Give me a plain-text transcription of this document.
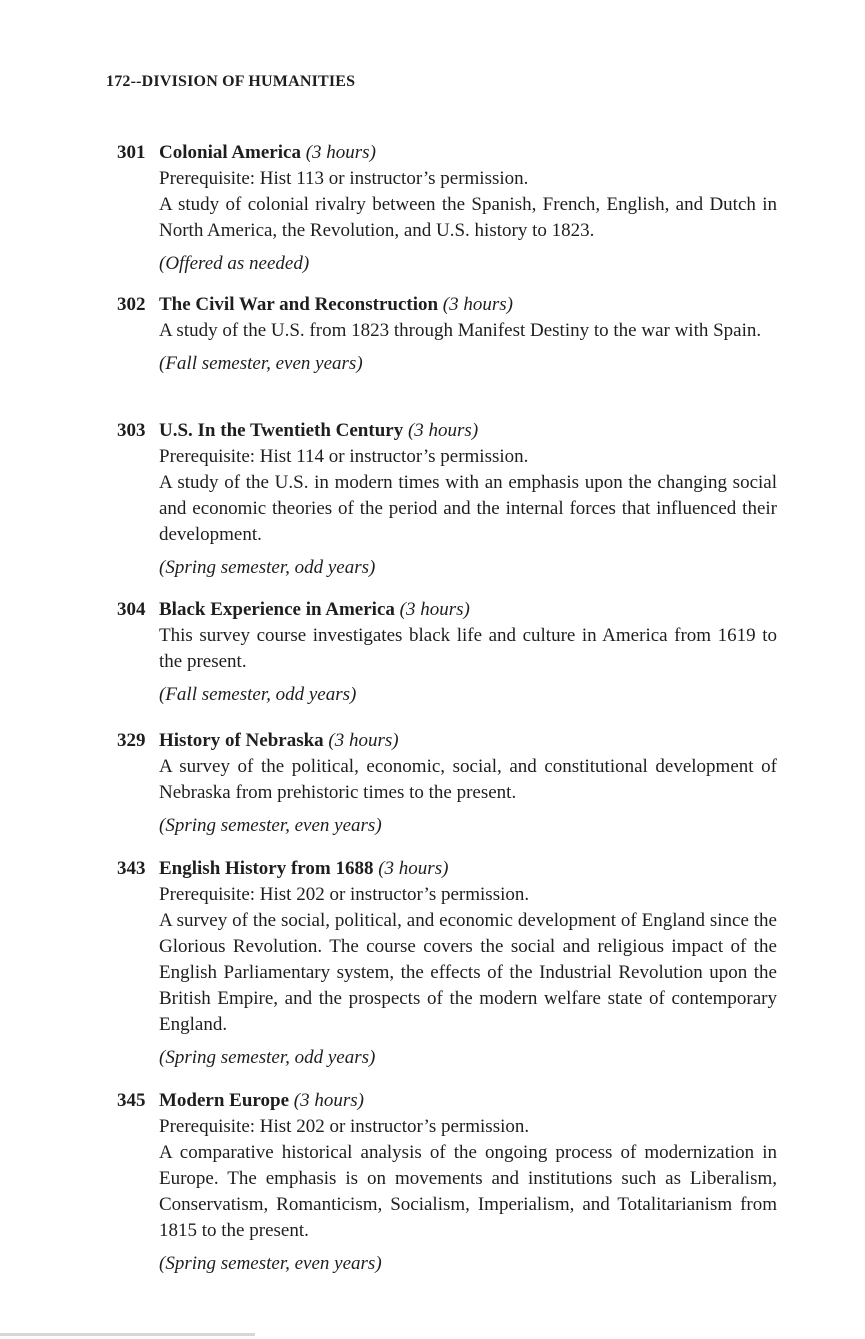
172--DIVISION OF HUMANITIES
301 Colonial America (3 hours)

Prerequisite: Hist 113 or instructor’s permission.

A study of colonial rivalry between the Spanish, French, English, and Dutch in North America, the Revolution, and U.S. history to 1823.

(Offered as needed)

302 The Civil War and Reconstruction (3 hours)

A study of the U.S. from 1823 through Manifest Destiny to the war with Spain.

(Fall semester, even years)

303 U.S. In the Twentieth Century (3 hours)

Prerequisite: Hist 114 or instructor’s permission.

A study of the U.S. in modern times with an emphasis upon the changing social and economic theories of the period and the internal forces that influenced their development.

(Spring semester, odd years)

304 Black Experience in America (3 hours)

This survey course investigates black life and culture in America from 1619 to the present.

(Fall semester, odd years)

329 History of Nebraska (3 hours)

A survey of the political, economic, social, and constitutional development of Nebraska from prehistoric times to the present.

(Spring semester, even years)

343 English History from 1688 (3 hours)

Prerequisite: Hist 202 or instructor’s permission.

A survey of the social, political, and economic development of England since the Glorious Revolution. The course covers the social and religious impact of the English Parliamentary system, the effects of the Industrial Revolution upon the British Empire, and the prospects of the modern welfare state of contemporary England.

(Spring semester, odd years)

345 Modern Europe (3 hours)

Prerequisite: Hist 202 or instructor’s permission.

A comparative historical analysis of the ongoing process of modernization in Europe. The emphasis is on movements and institutions such as Liberalism, Conservatism, Romanticism, Socialism, Imperialism, and Totalitarianism from 1815 to the present.

(Spring semester, even years)
